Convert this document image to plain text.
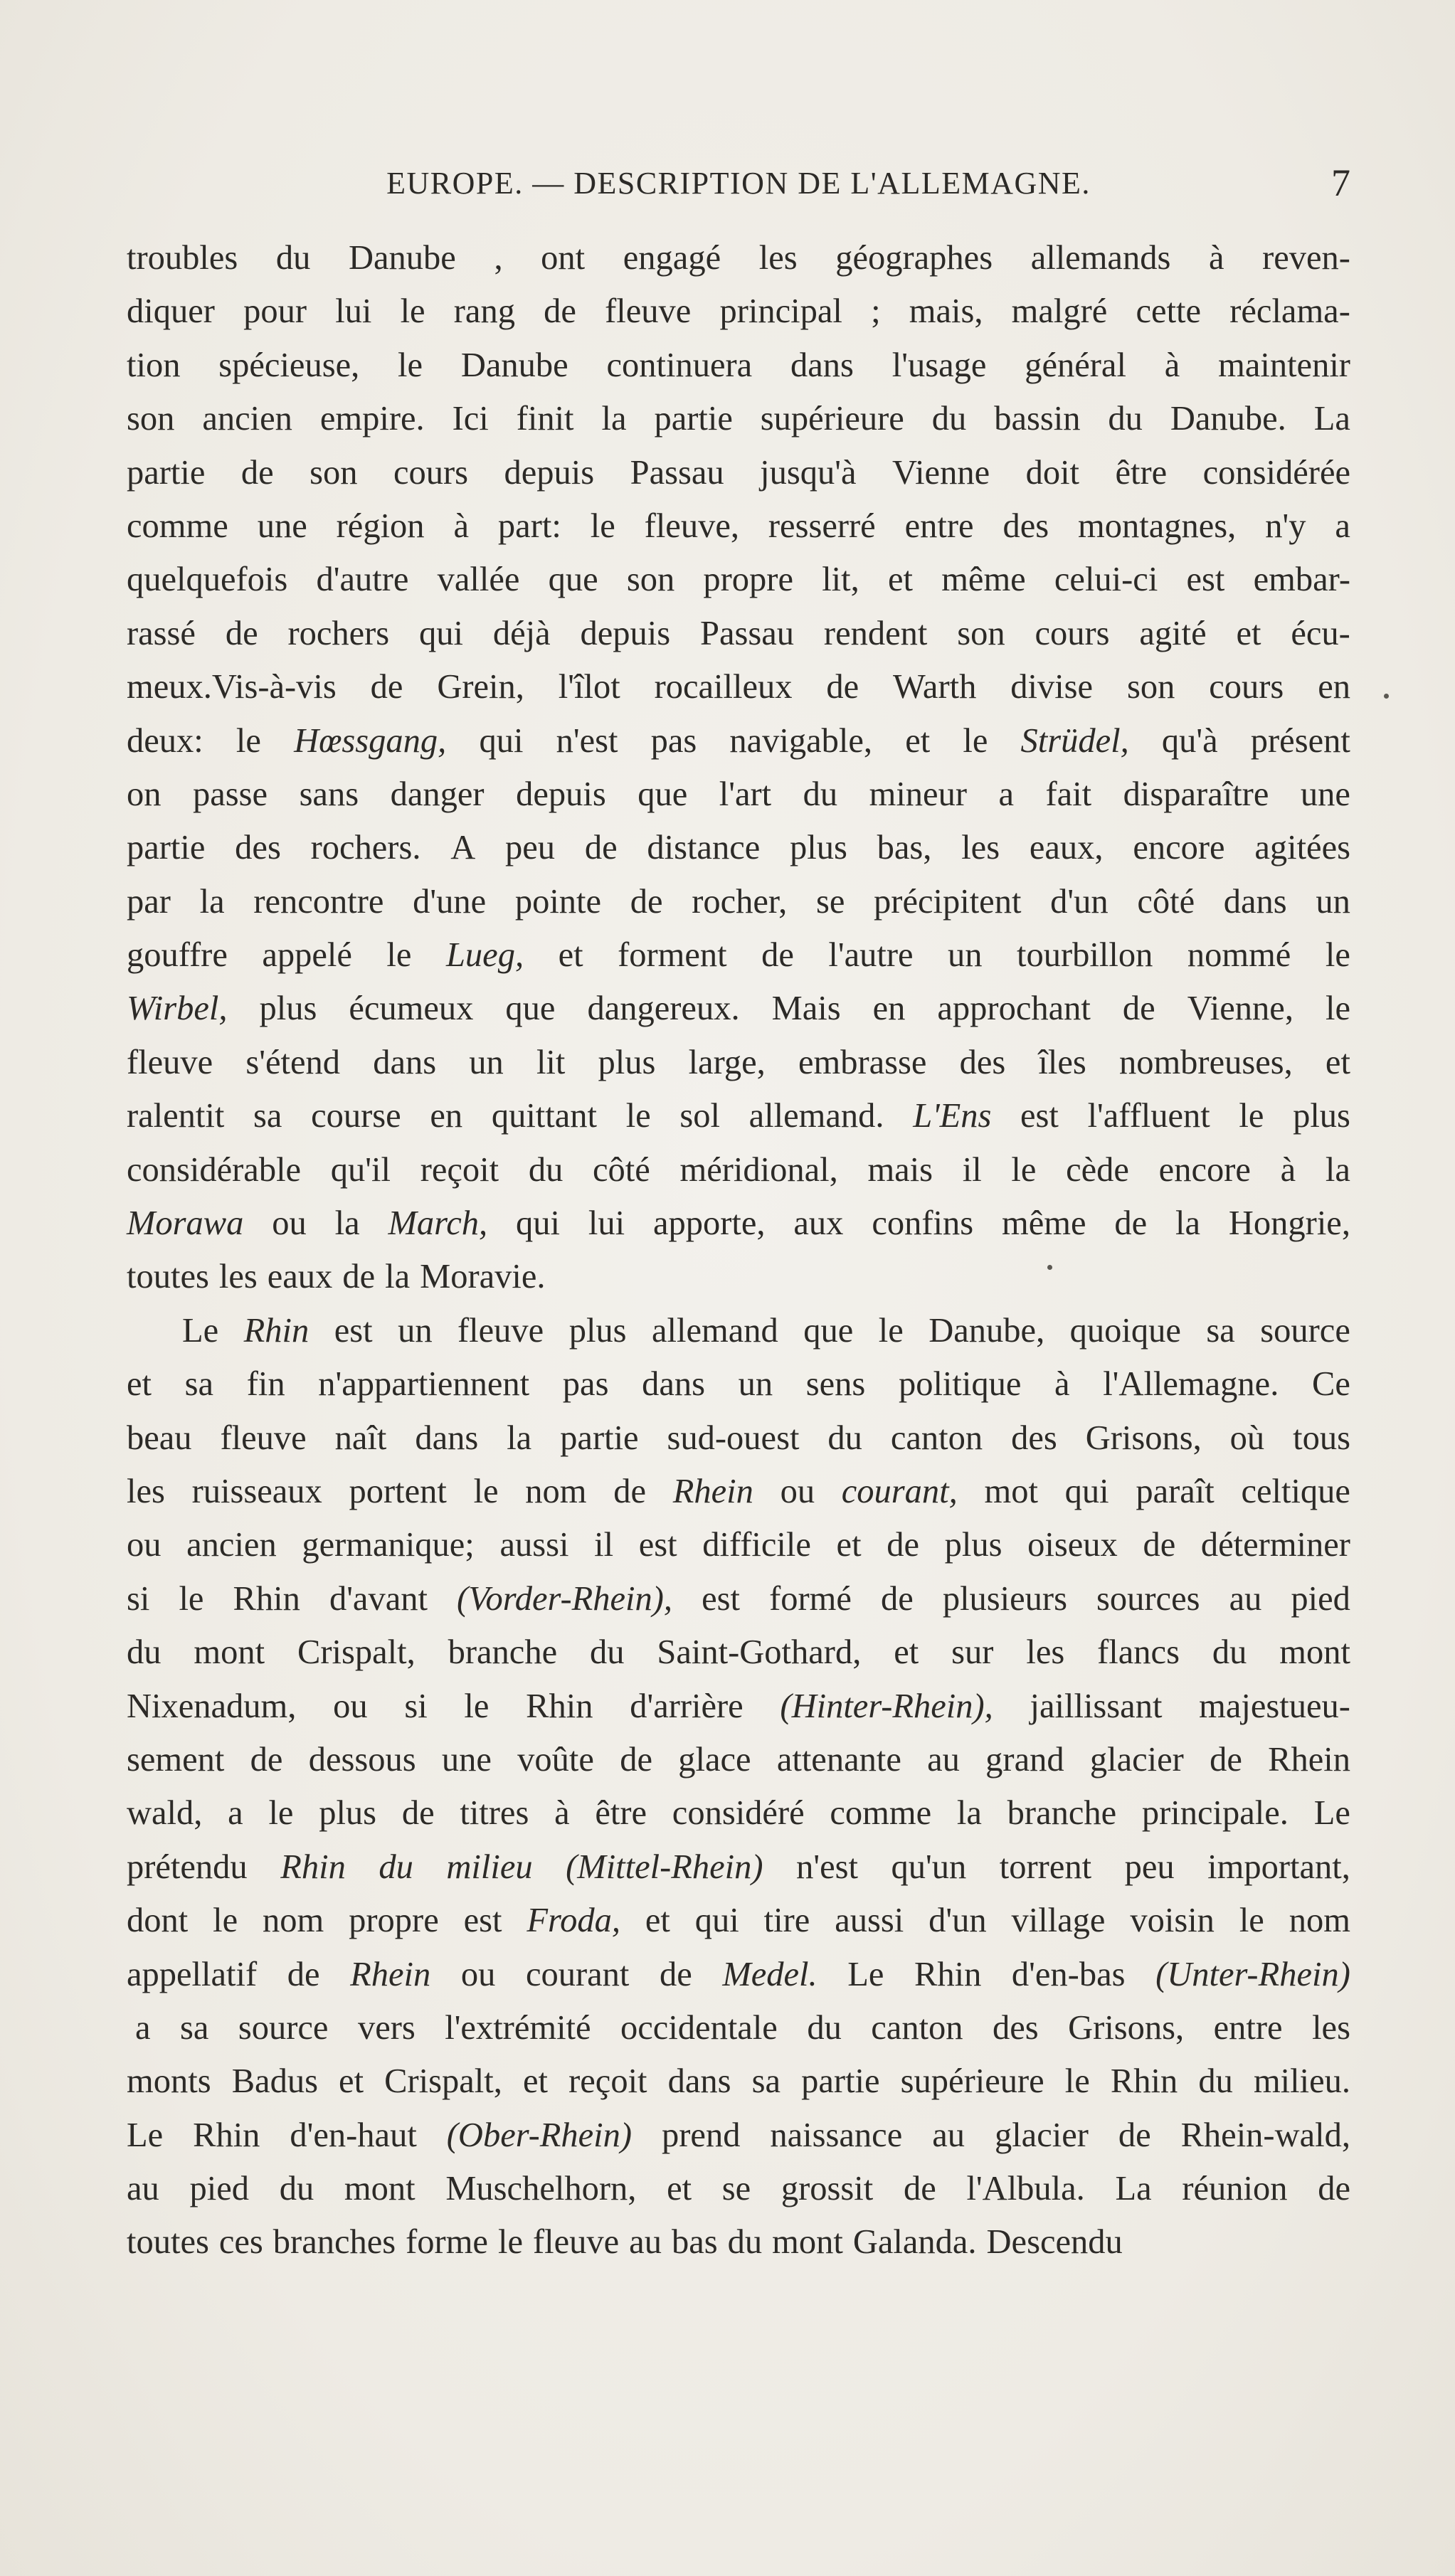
EUROPE. — DESCRIPTION DE L'ALLEMAGNE.	7
troubles du Danube , ont engagé les géographes allemands à reven-
diquer pour lui le rang de fleuve principal ; mais, malgré cette réclama-
tion spécieuse, le Danube continuera dans l'usage général à maintenir
son ancien empire. Ici finit la partie supérieure du bassin du Danube. La
partie de son cours depuis Passau jusqu'à Vienne doit être considérée
comme une région à part: le fleuve, resserré entre des montagnes, n'y a
quelquefois d'autre vallée que son propre lit, et même celui-ci est embar-
rassé de rochers qui déjà depuis Passau rendent son cours agité et écu-
meux.Vis-à-vis de Grein, l'îlot rocailleux de Warth divise son cours en
deux: le Hœssgang, qui n'est pas navigable, et le Strüdel, qu'à présent
on passe sans danger depuis que l'art du mineur a fait disparaître une
partie des rochers. A peu de distance plus bas, les eaux, encore agitées
par la rencontre d'une pointe de rocher, se précipitent d'un côté dans un
gouffre appelé le Lueg, et forment de l'autre un tourbillon nommé le
Wirbel, plus écumeux que dangereux. Mais en approchant de Vienne, le
fleuve s'étend dans un lit plus large, embrasse des îles nombreuses, et
ralentit sa course en quittant le sol allemand. L'Ens est l'affluent le plus
considérable qu'il reçoit du côté méridional, mais il le cède encore à la
Morawa ou la March, qui lui apporte, aux confins même de la Hongrie,
toutes les eaux de la Moravie.
Le Rhin est un fleuve plus allemand que le Danube, quoique sa source
et sa fin n'appartiennent pas dans un sens politique à l'Allemagne. Ce
beau fleuve naît dans la partie sud-ouest du canton des Grisons, où tous
les ruisseaux portent le nom de Rhein ou courant, mot qui paraît celtique
ou ancien germanique; aussi il est difficile et de plus oiseux de déterminer
si le Rhin d'avant (Vorder-Rhein), est formé de plusieurs sources au pied
du mont Crispalt, branche du Saint-Gothard, et sur les flancs du mont
Nixenadum, ou si le Rhin d'arrière (Hinter-Rhein), jaillissant majestueu-
sement de dessous une voûte de glace attenante au grand glacier de Rhein
wald, a le plus de titres à être considéré comme la branche principale. Le
prétendu Rhin du milieu (Mittel-Rhein) n'est qu'un torrent peu important,
dont le nom propre est Froda, et qui tire aussi d'un village voisin le nom
appellatif de Rhein ou courant de Medel. Le Rhin d'en-bas (Unter-Rhein)
a sa source vers l'extrémité occidentale du canton des Grisons, entre les
monts Badus et Crispalt, et reçoit dans sa partie supérieure le Rhin du milieu.
Le Rhin d'en-haut (Ober-Rhein) prend naissance au glacier de Rhein-wald,
au pied du mont Muschelhorn, et se grossit de l'Albula. La réunion de
toutes ces branches forme le fleuve au bas du mont Galanda. Descendu
